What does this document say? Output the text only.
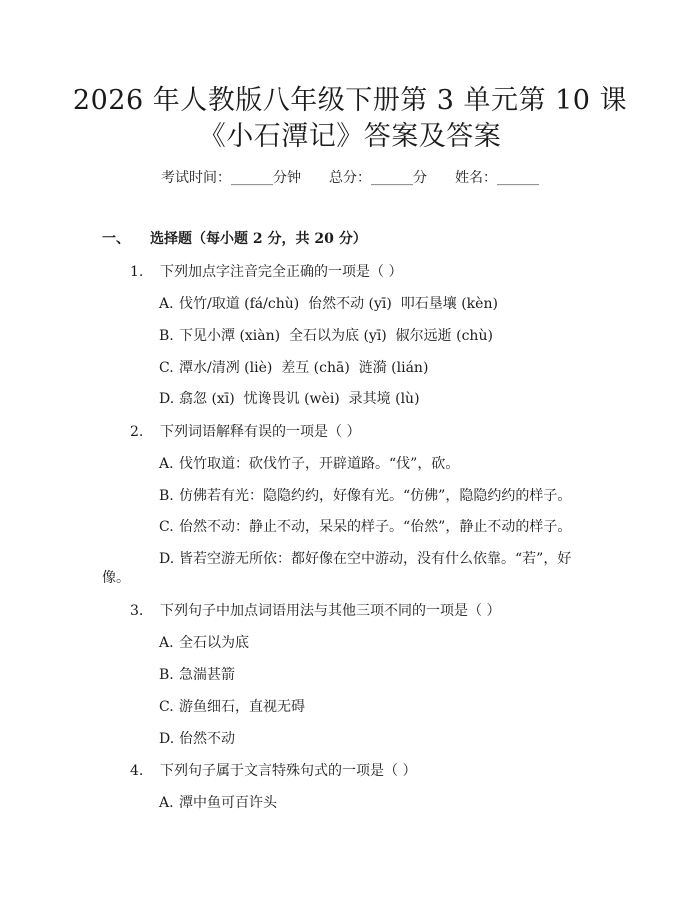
2026 年人教版八年级下册第 3 单元第 10 课
《小石潭记》答案及答案
考试时间：______分钟 总分：______分 姓名：______
一、 选择题（每小题 2 分，共 20 分）
1. 下列加点字注音完全正确的一项是（ ）
A. 伐竹/取道 (fá/chù)  佁然不动 (yī)  叩石垦壤 (kèn)
B. 下见小潭 (xiàn)  全石以为底 (yī)  俶尔远逝 (chù)
C. 潭水/清冽 (liè)  差互 (chā)  涟漪 (lián)
D. 翕忽 (xī)  忧谗畏讥 (wèi)  录其境 (lù)
2. 下列词语解释有误的一项是（ ）
A. 伐竹取道：砍伐竹子，开辟道路。“伐”，砍。
B. 仿佛若有光：隐隐约约，好像有光。“仿佛”，隐隐约约的样子。
C. 佁然不动：静止不动，呆呆的样子。“佁然”，静止不动的样子。
D. 皆若空游无所依：都好像在空中游动，没有什么依靠。“若”，好
像。
3. 下列句子中加点词语用法与其他三项不同的一项是（ ）
A. 全石以为底
B. 急湍甚箭
C. 游鱼细石，直视无碍
D. 佁然不动
4. 下列句子属于文言特殊句式的一项是（ ）
A. 潭中鱼可百许头
